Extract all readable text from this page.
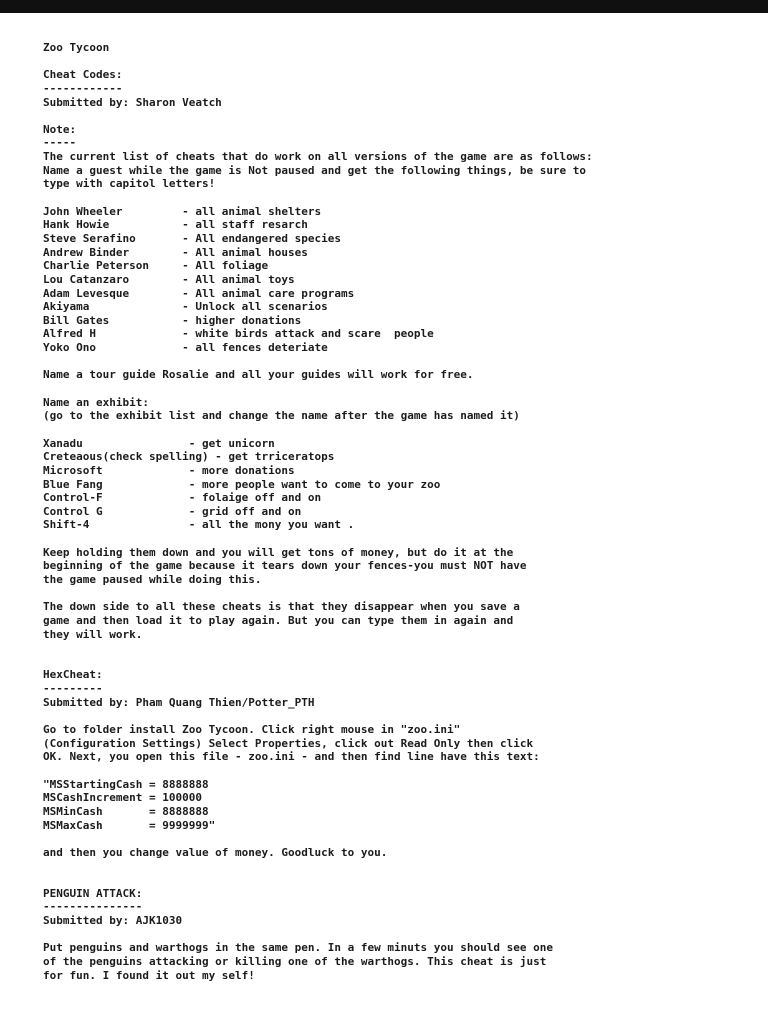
Zoo Tycoon
Cheat Codes:
------------
Submitted by: Sharon Veatch
Note:
-----
The current list of cheats that do work on all versions of the game are as follows:
Name a guest while the game is Not paused and get the following things, be sure to
type with capitol letters!
John Wheeler         - all animal shelters
Hank Howie           - all staff resarch
Steve Serafino       - All endangered species
Andrew Binder        - All animal houses
Charlie Peterson     - All foliage
Lou Catanzaro        - All animal toys
Adam Levesque        - All animal care programs
Akiyama              - Unlock all scenarios
Bill Gates           - higher donations
Alfred H             - white birds attack and scare  people
Yoko Ono             - all fences deteriate
Name a tour guide Rosalie and all your guides will work for free.
Name an exhibit:
(go to the exhibit list and change the name after the game has named it)
Xanadu                - get unicorn
Creteaous(check spelling) - get trriceratops
Microsoft             - more donations
Blue Fang             - more people want to come to your zoo
Control-F             - folaige off and on
Control G             - grid off and on
Shift-4               - all the mony you want .
Keep holding them down and you will get tons of money, but do it at the
beginning of the game because it tears down your fences-you must NOT have
the game paused while doing this.
The down side to all these cheats is that they disappear when you save a
game and then load it to play again. But you can type them in again and
they will work.
HexCheat:
---------
Submitted by: Pham Quang Thien/Potter_PTH
Go to folder install Zoo Tycoon. Click right mouse in "zoo.ini"
(Configuration Settings) Select Properties, click out Read Only then click
OK. Next, you open this file - zoo.ini - and then find line have this text:
"MSStartingCash = 8888888
MSCashIncrement = 100000
MSMinCash       = 8888888
MSMaxCash       = 9999999"
and then you change value of money. Goodluck to you.
PENGUIN ATTACK:
---------------
Submitted by: AJK1030
Put penguins and warthogs in the same pen. In a few minuts you should see one
of the penguins attacking or killing one of the warthogs. This cheat is just
for fun. I found it out my self!
